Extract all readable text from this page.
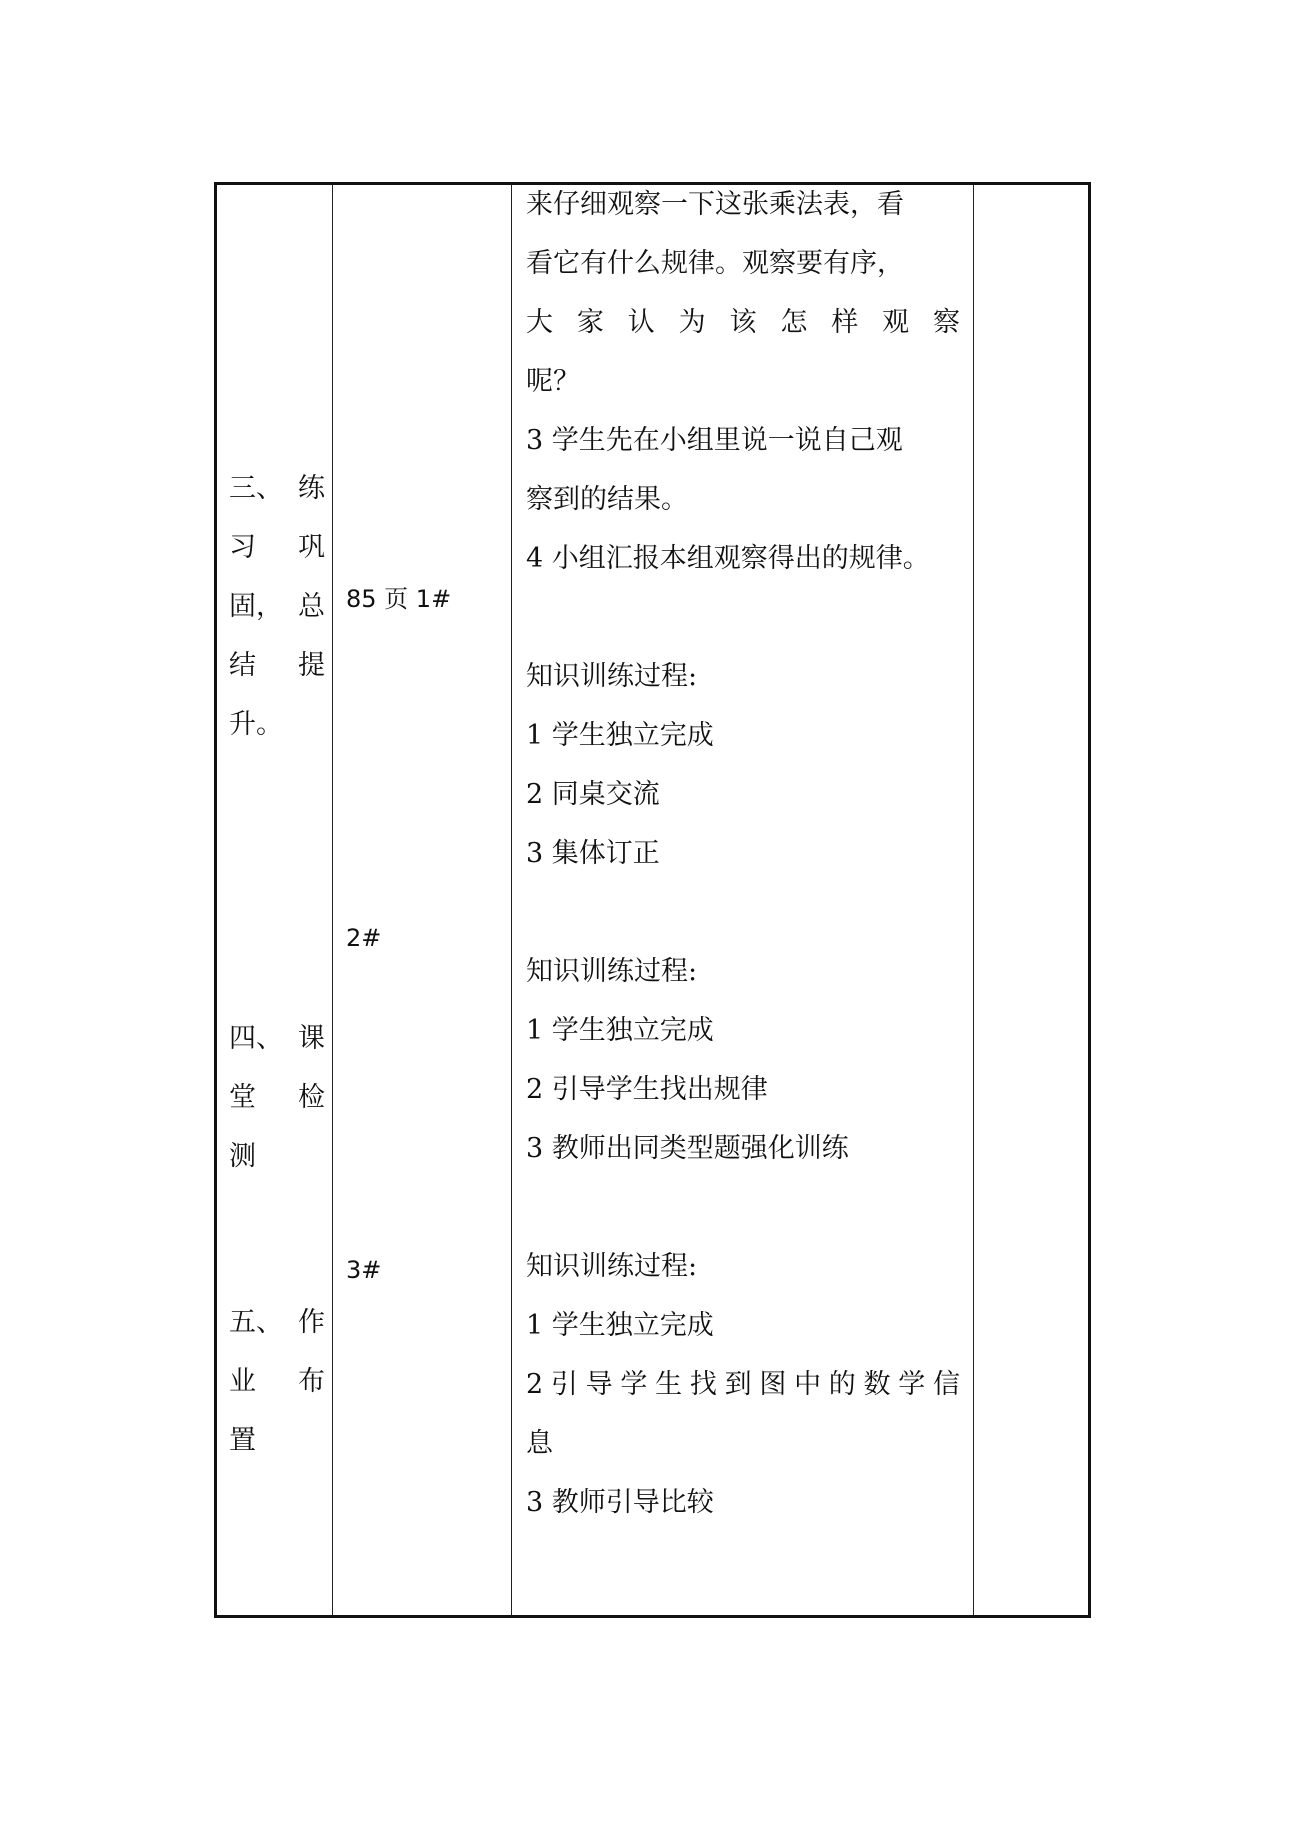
三、 练
习 巩
固， 总
结 提
升。
四、 课
堂 检
测
五、 作
业 布
置
85 页 1#
2#
3#
来仔细观察一下这张乘法表，看
看它有什么规律。观察要有序，
大 家 认 为 该 怎 样 观 察
呢？
3 学生先在小组里说一说自己观
察到的结果。
4 小组汇报本组观察得出的规律。
知识训练过程:
1 学生独立完成
2 同桌交流
3 集体订正
知识训练过程:
1 学生独立完成
2 引导学生找出规律
3 教师出同类型题强化训练
知识训练过程:
1 学生独立完成
2 引 导 学 生 找 到 图 中 的 数 学 信
息
3 教师引导比较
